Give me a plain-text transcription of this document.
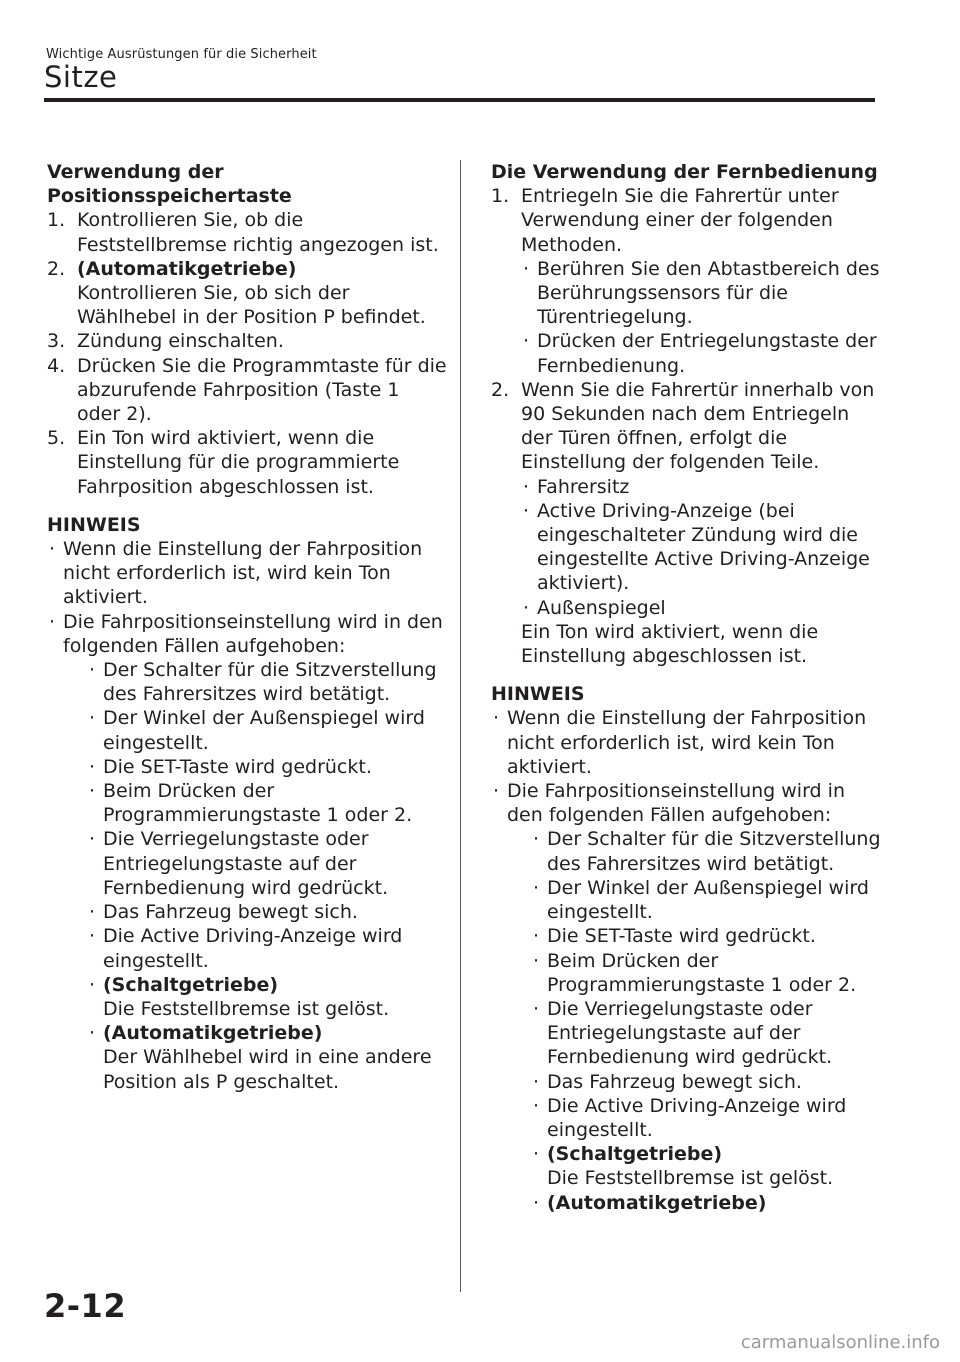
Wichtige Ausrüstungen für die Sicherheit
Sitze

Verwendung der
Positionsspeichertaste

1. Kontrollieren Sie, ob die Feststellbremse richtig angezogen ist.
2. (Automatikgetriebe)
Kontrollieren Sie, ob sich der Wählhebel in der Position P befindet.
3. Zündung einschalten.
4. Drücken Sie die Programmtaste für die abzurufende Fahrposition (Taste 1 oder 2).
5. Ein Ton wird aktiviert, wenn die Einstellung für die programmierte Fahrposition abgeschlossen ist.

HINWEIS

· Wenn die Einstellung der Fahrposition nicht erforderlich ist, wird kein Ton aktiviert.
· Die Fahrpositionseinstellung wird in den folgenden Fällen aufgehoben:
· Der Schalter für die Sitzverstellung des Fahrersitzes wird betätigt.
· Der Winkel der Außenspiegel wird eingestellt.
· Die SET-Taste wird gedrückt.
· Beim Drücken der Programmierungstaste 1 oder 2.
· Die Verriegelungstaste oder Entriegelungstaste auf der Fernbedienung wird gedrückt.
· Das Fahrzeug bewegt sich.
· Die Active Driving-Anzeige wird eingestellt.
· (Schaltgetriebe)
Die Feststellbremse ist gelöst.
· (Automatikgetriebe)
Der Wählhebel wird in eine andere Position als P geschaltet.

Die Verwendung der Fernbedienung

1. Entriegeln Sie die Fahrertür unter Verwendung einer der folgenden Methoden.
· Berühren Sie den Abtastbereich des Berührungssensors für die Türentriegelung.
· Drücken der Entriegelungstaste der Fernbedienung.
2. Wenn Sie die Fahrertür innerhalb von 90 Sekunden nach dem Entriegeln der Türen öffnen, erfolgt die Einstellung der folgenden Teile.
· Fahrersitz
· Active Driving-Anzeige (bei eingeschalteter Zündung wird die eingestellte Active Driving-Anzeige aktiviert).
· Außenspiegel

Ein Ton wird aktiviert, wenn die Einstellung abgeschlossen ist.

HINWEIS

· Wenn die Einstellung der Fahrposition nicht erforderlich ist, wird kein Ton aktiviert.
· Die Fahrpositionseinstellung wird in den folgenden Fällen aufgehoben:
· Der Schalter für die Sitzverstellung des Fahrersitzes wird betätigt.
· Der Winkel der Außenspiegel wird eingestellt.
· Die SET-Taste wird gedrückt.
· Beim Drücken der Programmierungstaste 1 oder 2.
· Die Verriegelungstaste oder Entriegelungstaste auf der Fernbedienung wird gedrückt.
· Das Fahrzeug bewegt sich.
· Die Active Driving-Anzeige wird eingestellt.
· (Schaltgetriebe)
Die Feststellbremse ist gelöst.
· (Automatikgetriebe)
2-12
carmanualsonline.info
